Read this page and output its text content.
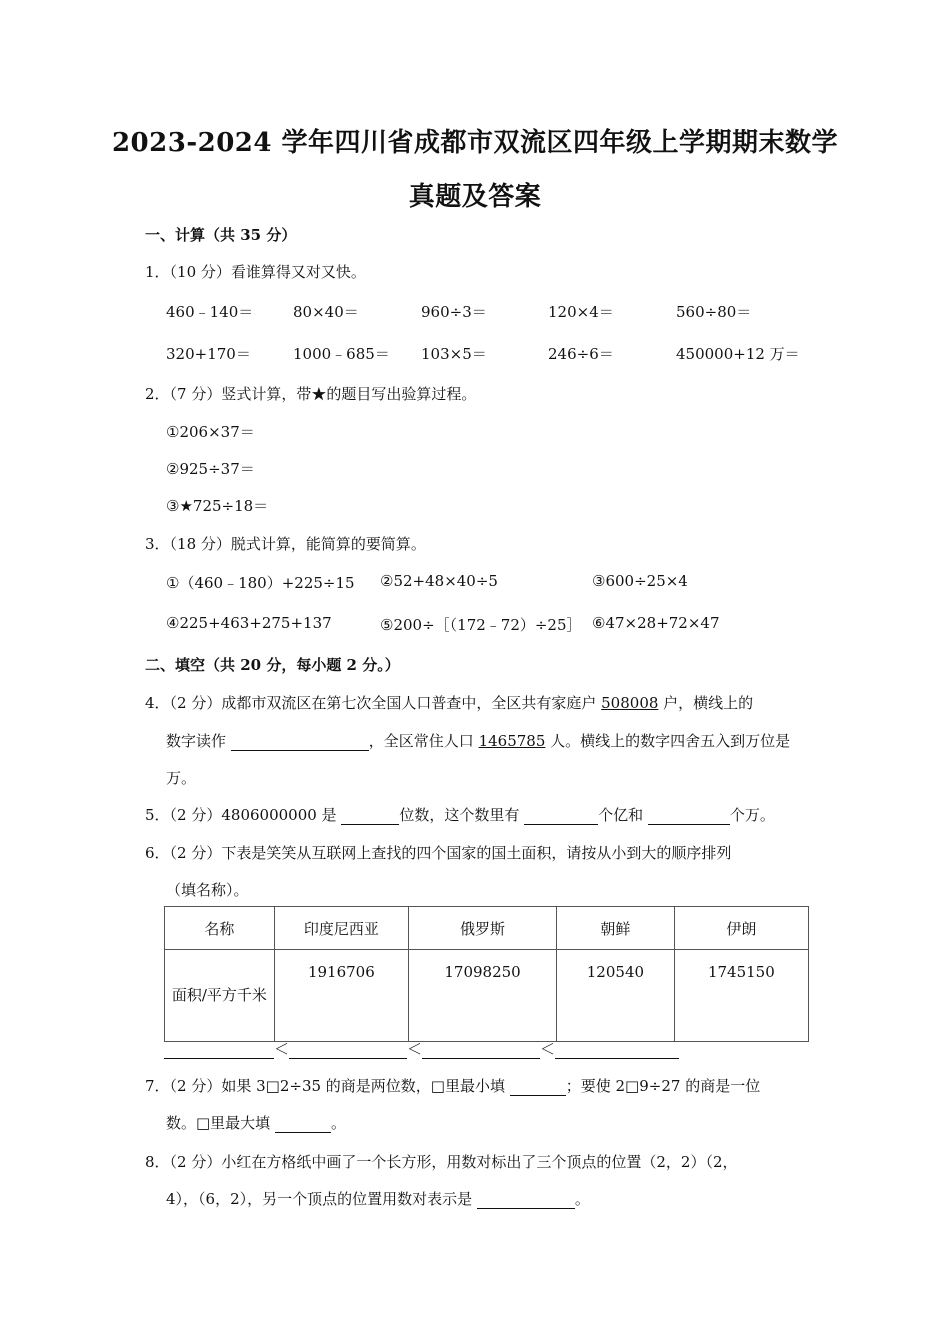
2023-2024 学年四川省成都市双流区四年级上学期期末数学
真题及答案
一、计算（共 35 分）
1．（10 分）看谁算得又对又快。
460﹣140＝	80×40＝	960÷3＝	120×4＝	560÷80＝
320+170＝	1000﹣685＝ 103×5＝	246÷6＝	450000+12 万＝
2．（7 分）竖式计算，带★的题目写出验算过程。
①206×37＝
②925÷37＝
③★725÷18＝
3．（18 分）脱式计算，能简算的要简算。
①（460﹣180）+225÷15 ②52+48×40÷5	③600÷25×4
④225+463+275+137	⑤200÷［（172﹣72）÷25］ ⑥47×28+72×47
二、填空（共 20 分，每小题 2 分。）
4．（2 分）成都市双流区在第七次全国人口普查中，全区共有家庭户 508008 户，横线上的
数字读作	，全区常住人口 1465785 人。横线上的数字四舍五入到万位是
万。
5．（2 分）4806000000 是	位数，这个数里有	个亿和	个万。
6．（2 分）下表是笑笑从互联网上查找的四个国家的国土面积，请按从小到大的顺序排列
（填名称）。
名称	印度尼西亚	俄罗斯	朝鲜	伊朗
面积/平方千米	1916706	17098250	120540	1745150
＜	＜	＜
7．（2 分）如果 3□2÷35 的商是两位数，□里最小填	；要使 2□9÷27 的商是一位
数。□里最大填	。
8．（2 分）小红在方格纸中画了一个长方形，用数对标出了三个顶点的位置（2，2）（2，
4），（6，2），另一个顶点的位置用数对表示是	。
